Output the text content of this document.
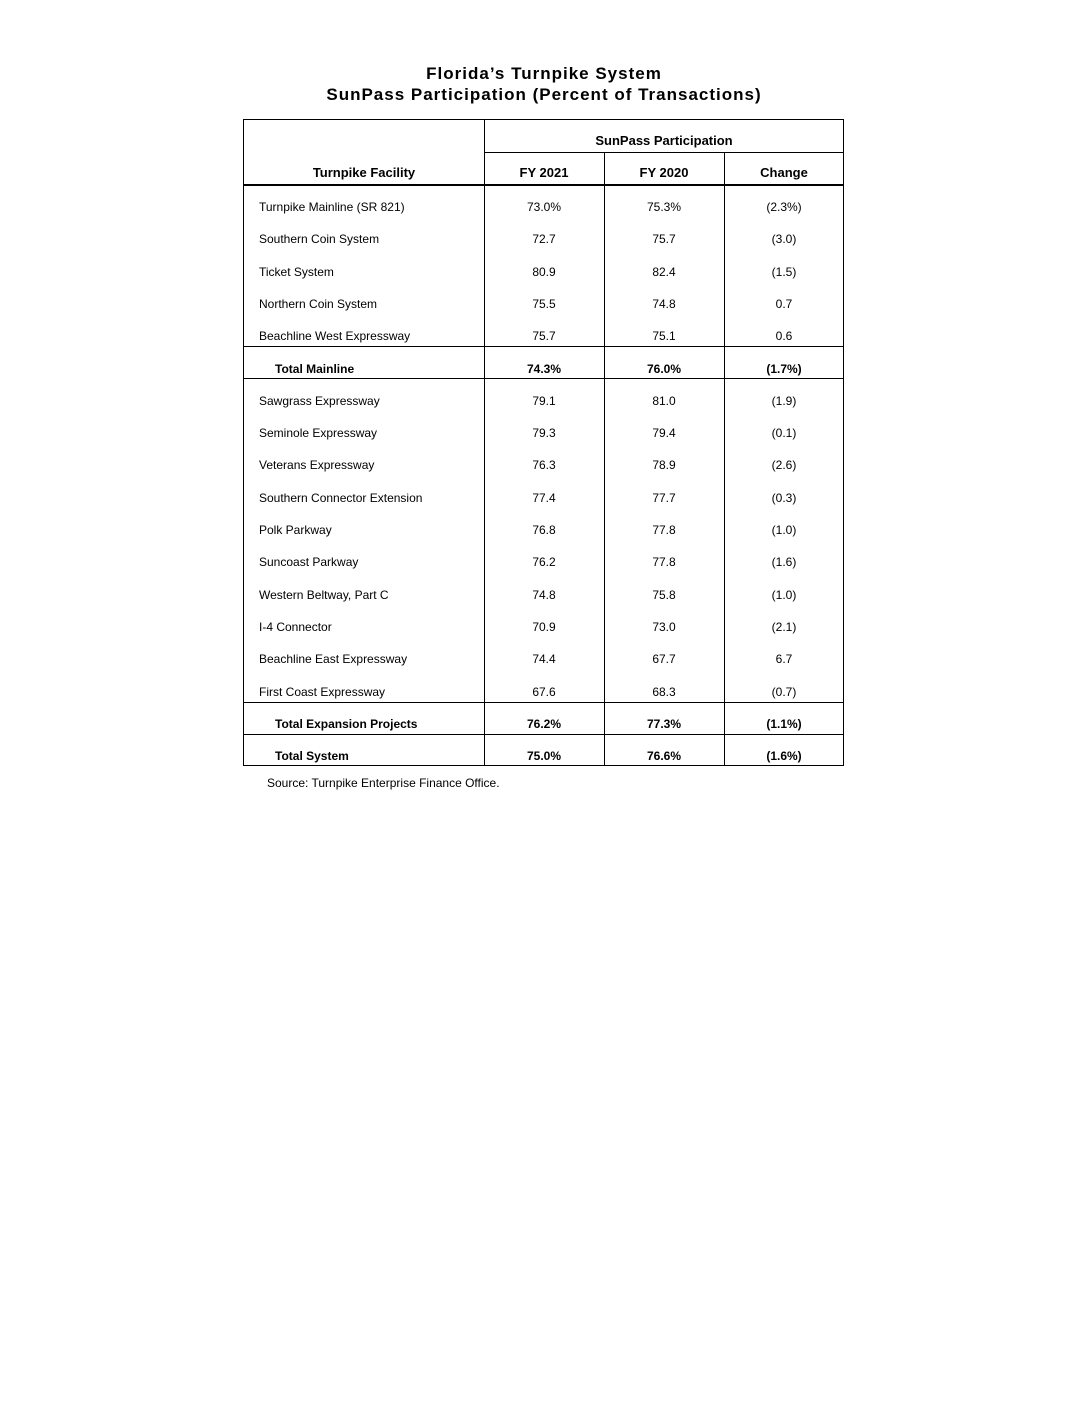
Florida’s Turnpike System
SunPass Participation (Percent of Transactions)
SunPass Participation
Turnpike Facility	FY 2021	FY 2020	Change
Turnpike Mainline (SR 821)	73.0%	75.3%	(2.3%)
Southern Coin System	72.7	75.7	(3.0)
Ticket System	80.9	82.4	(1.5)
Northern Coin System	75.5	74.8	0.7
Beachline West Expressway	75.7	75.1	0.6
Total Mainline	74.3%	76.0%	(1.7%)
Sawgrass Expressway	79.1	81.0	(1.9)
Seminole Expressway	79.3	79.4	(0.1)
Veterans Expressway	76.3	78.9	(2.6)
Southern Connector Extension	77.4	77.7	(0.3)
Polk Parkway	76.8	77.8	(1.0)
Suncoast Parkway	76.2	77.8	(1.6)
Western Beltway, Part C	74.8	75.8	(1.0)
I-4 Connector	70.9	73.0	(2.1)
Beachline East Expressway	74.4	67.7	6.7
First Coast Expressway	67.6	68.3	(0.7)
Total Expansion Projects	76.2%	77.3%	(1.1%)
Total System	75.0%	76.6%	(1.6%)
Source: Turnpike Enterprise Finance Office.
